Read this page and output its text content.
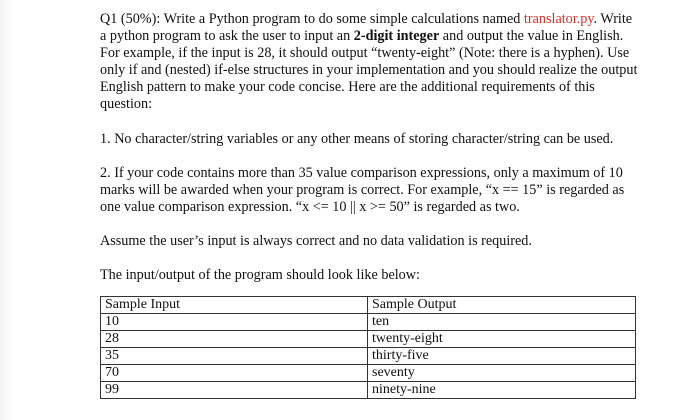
Q1 (50%): Write a Python program to do some simple calculations named translator.py. Write a python program to ask the user to input an 2-digit integer and output the value in English. For example, if the input is 28, it should output “twenty-eight” (Note: there is a hyphen). Use only if and (nested) if-else structures in your implementation and you should realize the output English pattern to make your code concise. Here are the additional requirements of this question:

1. No character/string variables or any other means of storing character/string can be used.

2. If your code contains more than 35 value comparison expressions, only a maximum of 10 marks will be awarded when your program is correct. For example, “x == 15” is regarded as one value comparison expression. “x <= 10 || x >= 50” is regarded as two.

Assume the user’s input is always correct and no data validation is required.

The input/output of the program should look like below:

Sample Input	Sample Output
10	ten
28	twenty-eight
35	thirty-five
70	seventy
99	ninety-nine
